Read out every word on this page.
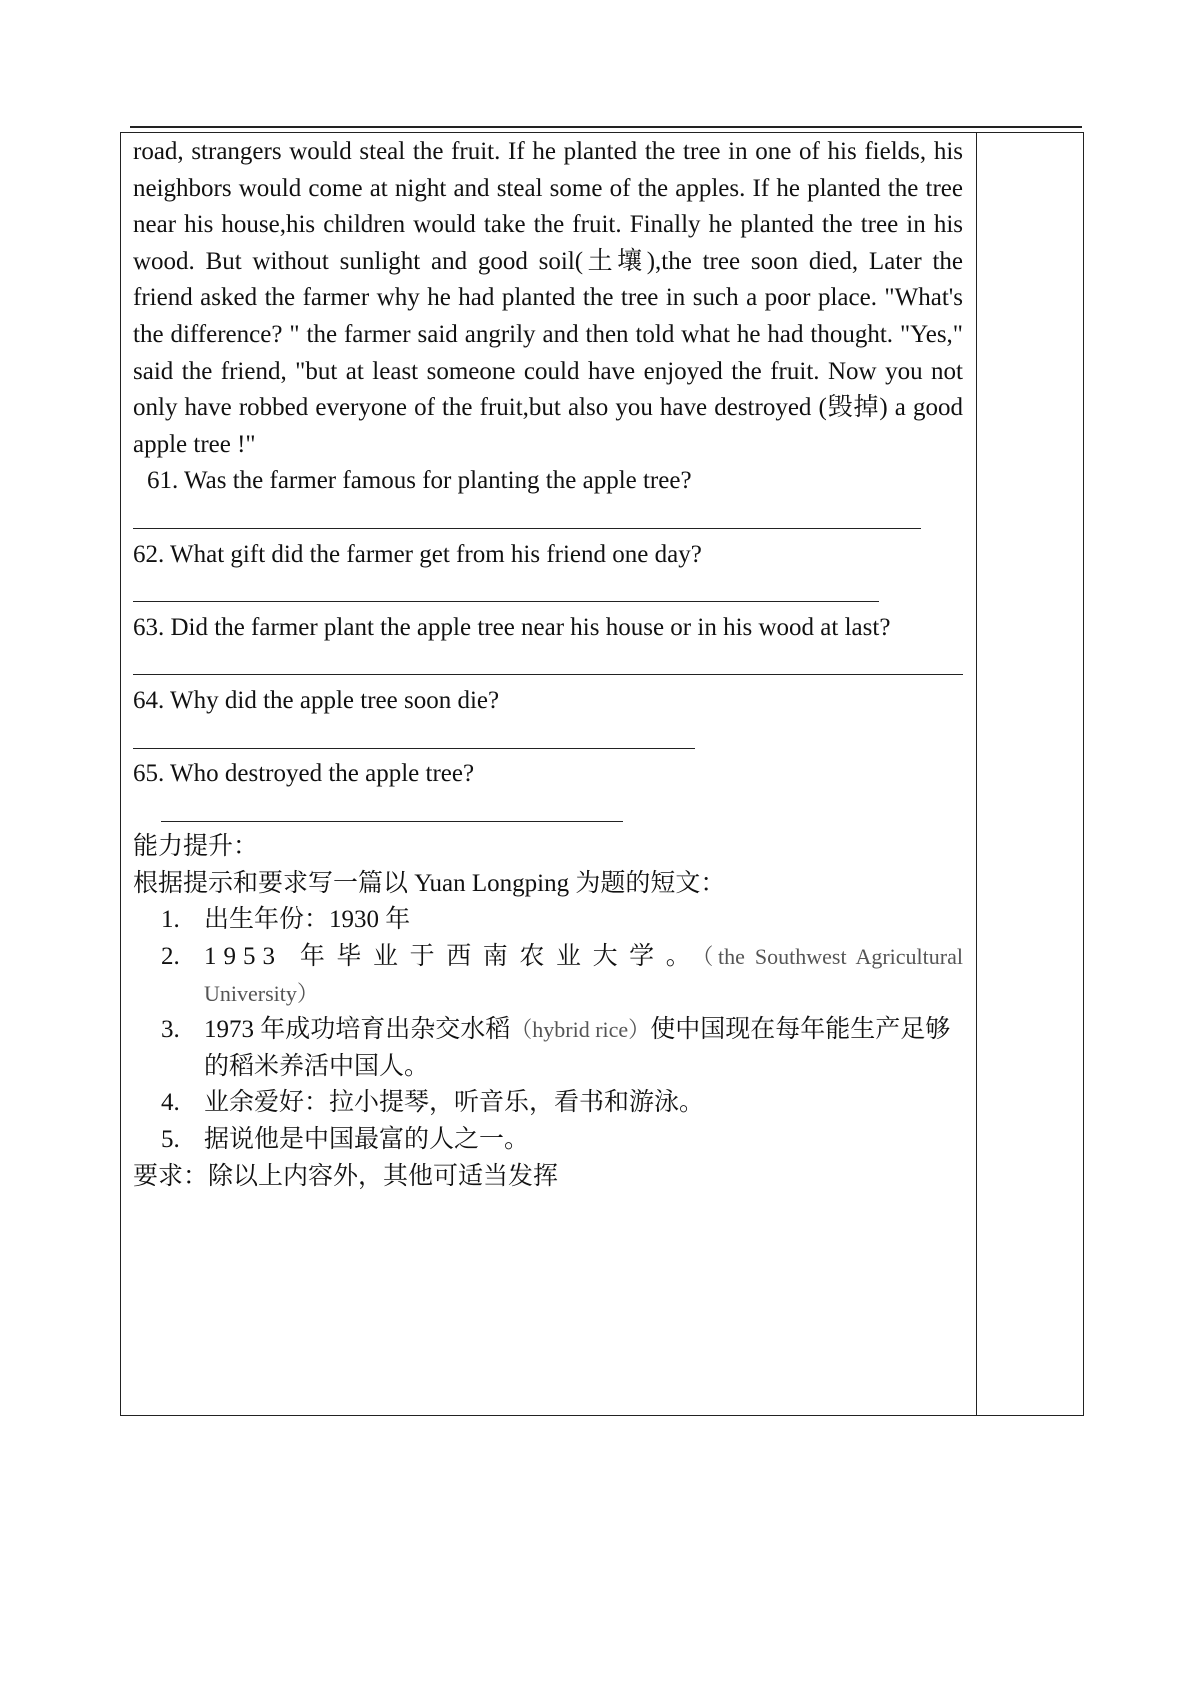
road, strangers would steal the fruit. If he planted the tree in one of his fields, his neighbors would come at night and steal some of the apples. If he planted the tree near his house,his children would take the fruit. Finally he planted the tree in his wood. But without sunlight and good soil(土壤),the tree soon died, Later the friend asked the farmer why he had planted the tree in such a poor place. "What's the difference? " the farmer said angrily and then told what he had thought. "Yes," said the friend, "but at least someone could have enjoyed the fruit. Now you not only have robbed everyone of the fruit,but also you have destroyed (毁掉) a good apple tree !"

61. Was the farmer famous for planting the apple tree?

62. What gift did the farmer get from his friend one day?

63. Did the farmer plant the apple tree near his house or in his wood at last?

64. Why did the apple tree soon die?

65. Who destroyed the apple tree?

能力提升：

根据提示和要求写一篇以 Yuan Longping 为题的短文：

1. 出生年份：1930 年
2. 1953 年毕业于西南农业大学。（the Southwest Agricultural University）
3. 1973 年成功培育出杂交水稻（hybrid rice）使中国现在每年能生产足够的稻米养活中国人。
4. 业余爱好：拉小提琴，听音乐，看书和游泳。
5. 据说他是中国最富的人之一。

要求：除以上内容外，其他可适当发挥
